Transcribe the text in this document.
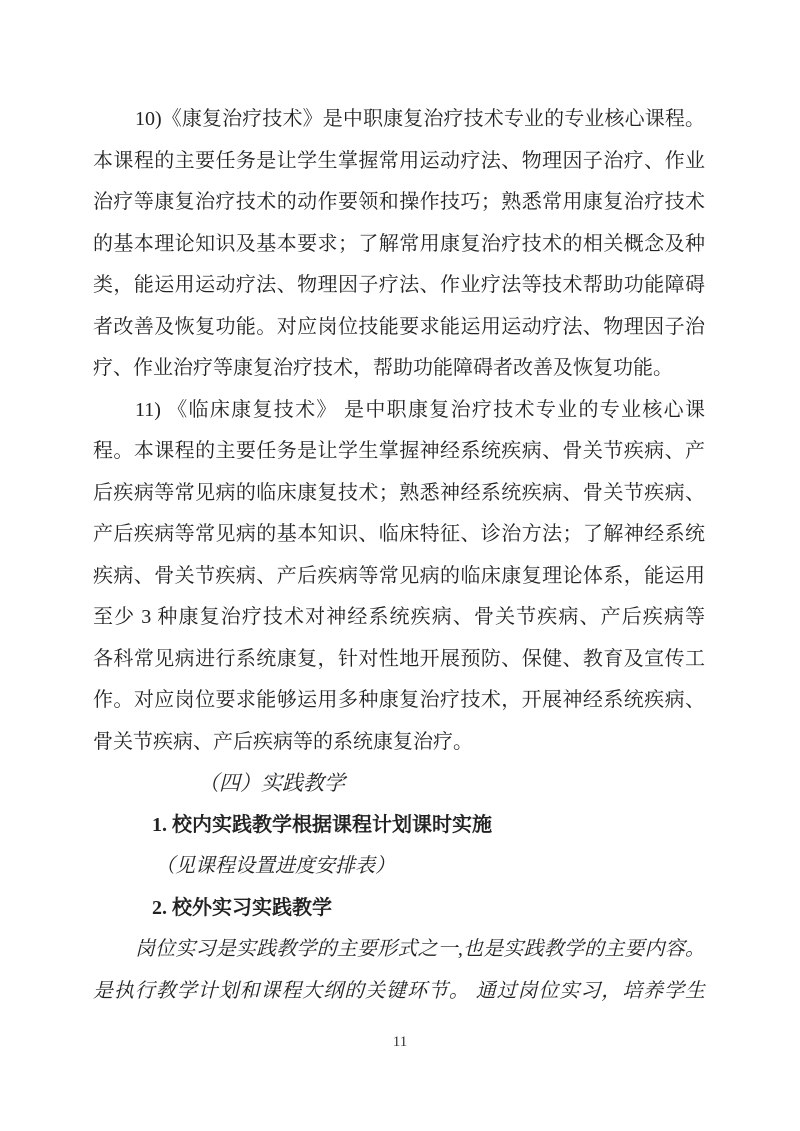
10)《康复治疗技术》是中职康复治疗技术专业的专业核心课程。
本课程的主要任务是让学生掌握常用运动疗法、物理因子治疗、作业
治疗等康复治疗技术的动作要领和操作技巧；熟悉常用康复治疗技术
的基本理论知识及基本要求；了解常用康复治疗技术的相关概念及种
类，能运用运动疗法、物理因子疗法、作业疗法等技术帮助功能障碍
者改善及恢复功能。对应岗位技能要求能运用运动疗法、物理因子治
疗、作业治疗等康复治疗技术，帮助功能障碍者改善及恢复功能。
11) 《临床康复技术》 是中职康复治疗技术专业的专业核心课
程。本课程的主要任务是让学生掌握神经系统疾病、骨关节疾病、产
后疾病等常见病的临床康复技术；熟悉神经系统疾病、骨关节疾病、
产后疾病等常见病的基本知识、临床特征、诊治方法；了解神经系统
疾病、骨关节疾病、产后疾病等常见病的临床康复理论体系，能运用
至少 3 种康复治疗技术对神经系统疾病、骨关节疾病、产后疾病等
各科常见病进行系统康复，针对性地开展预防、保健、教育及宣传工
作。对应岗位要求能够运用多种康复治疗技术，开展神经系统疾病、
骨关节疾病、产后疾病等的系统康复治疗。
（四）实践教学
1. 校内实践教学根据课程计划课时实施
（见课程设置进度安排表）
2. 校外实习实践教学
岗位实习是实践教学的主要形式之一,也是实践教学的主要内容。
是执行教学计划和课程大纲的关键环节。 通过岗位实习，培养学生
11
